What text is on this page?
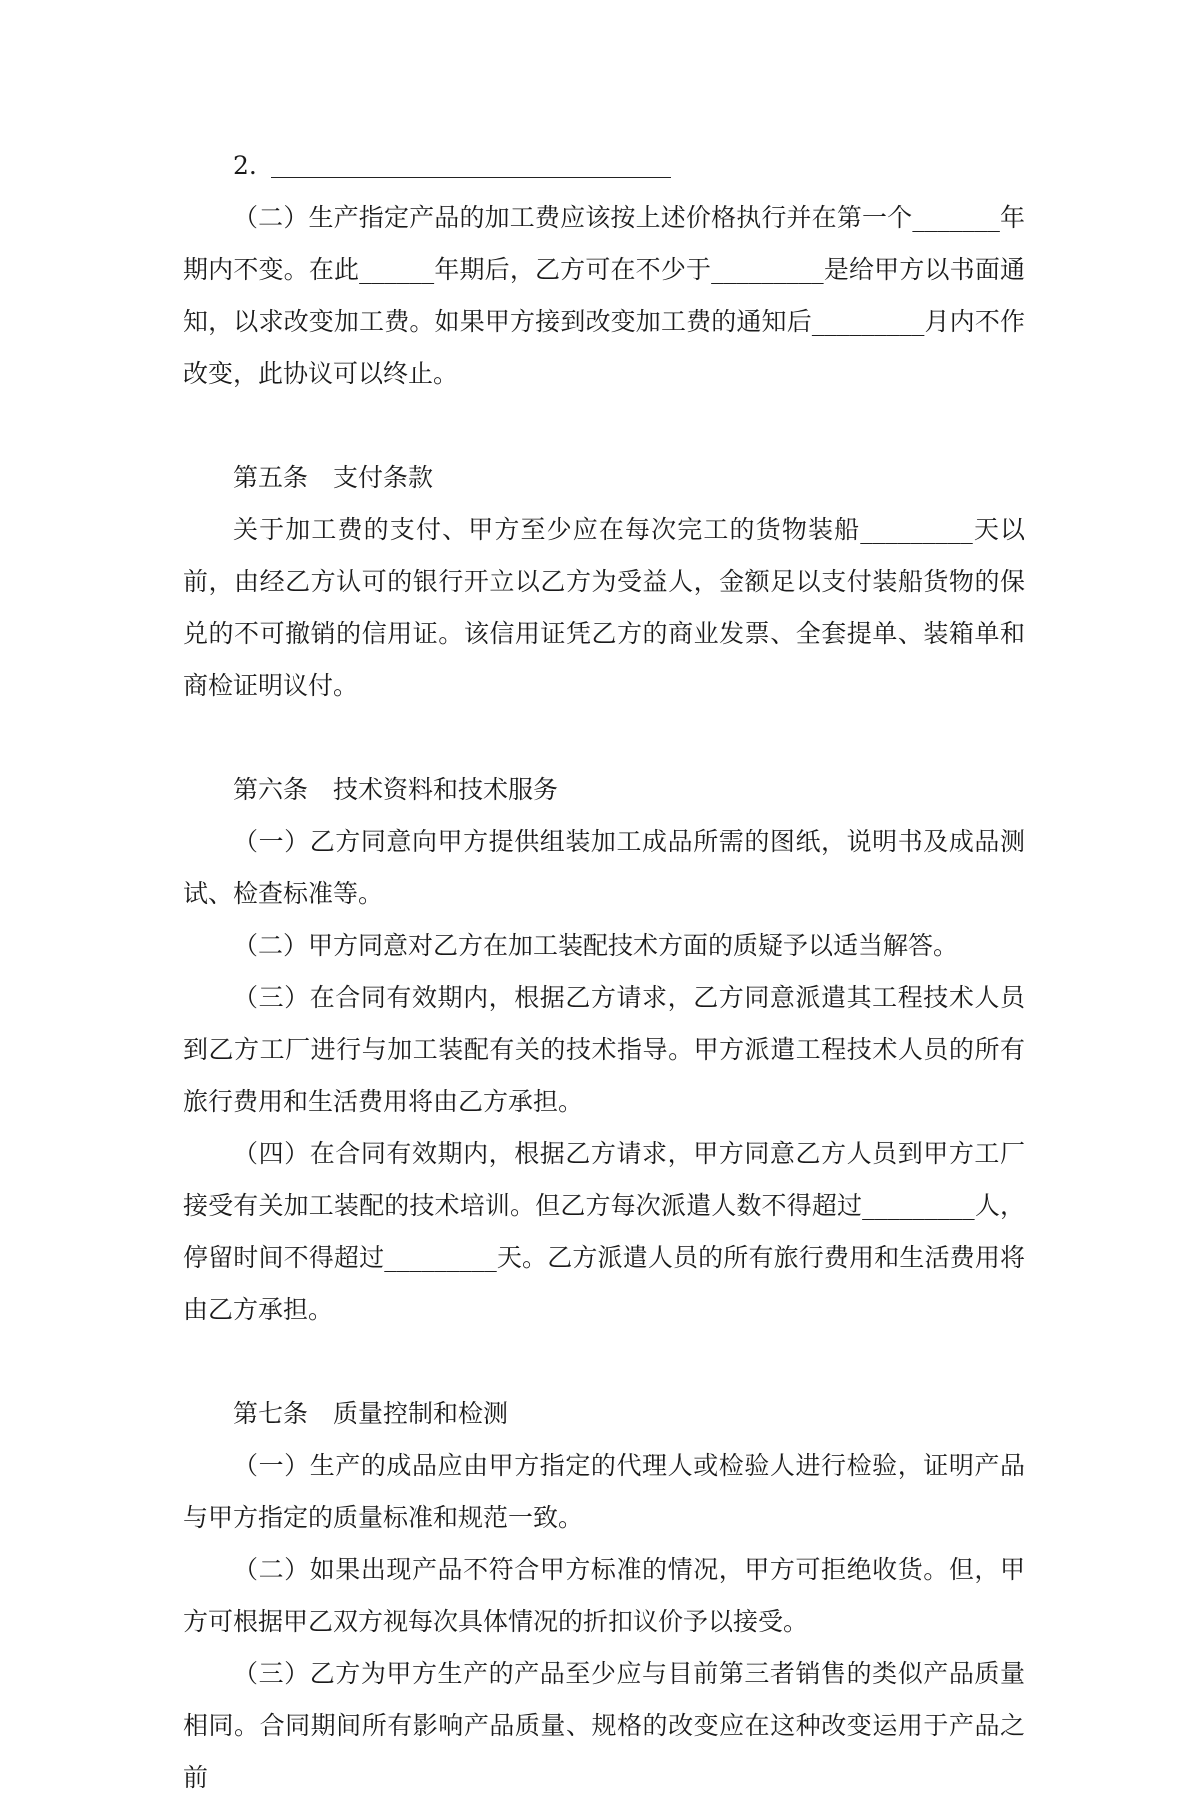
2.

（二）生产指定产品的加工费应该按上述价格执行并在第一个_______年期内不变。在此______年期后，乙方可在不少于_________是给甲方以书面通知，以求改变加工费。如果甲方接到改变加工费的通知后_________月内不作改变，此协议可以终止。

第五条　支付条款

关于加工费的支付、甲方至少应在每次完工的货物装船_________天以前，由经乙方认可的银行开立以乙方为受益人，金额足以支付装船货物的保兑的不可撤销的信用证。该信用证凭乙方的商业发票、全套提单、装箱单和商检证明议付。

第六条　技术资料和技术服务

（一）乙方同意向甲方提供组装加工成品所需的图纸，说明书及成品测试、检查标准等。

（二）甲方同意对乙方在加工装配技术方面的质疑予以适当解答。

（三）在合同有效期内，根据乙方请求，乙方同意派遣其工程技术人员到乙方工厂进行与加工装配有关的技术指导。甲方派遣工程技术人员的所有旅行费用和生活费用将由乙方承担。

（四）在合同有效期内，根据乙方请求，甲方同意乙方人员到甲方工厂接受有关加工装配的技术培训。但乙方每次派遣人数不得超过_________人，停留时间不得超过_________天。乙方派遣人员的所有旅行费用和生活费用将由乙方承担。

第七条　质量控制和检测

（一）生产的成品应由甲方指定的代理人或检验人进行检验，证明产品与甲方指定的质量标准和规范一致。

（二）如果出现产品不符合甲方标准的情况，甲方可拒绝收货。但，甲方可根据甲乙双方视每次具体情况的折扣议价予以接受。

（三）乙方为甲方生产的产品至少应与目前第三者销售的类似产品质量相同。合同期间所有影响产品质量、规格的改变应在这种改变运用于产品之前
